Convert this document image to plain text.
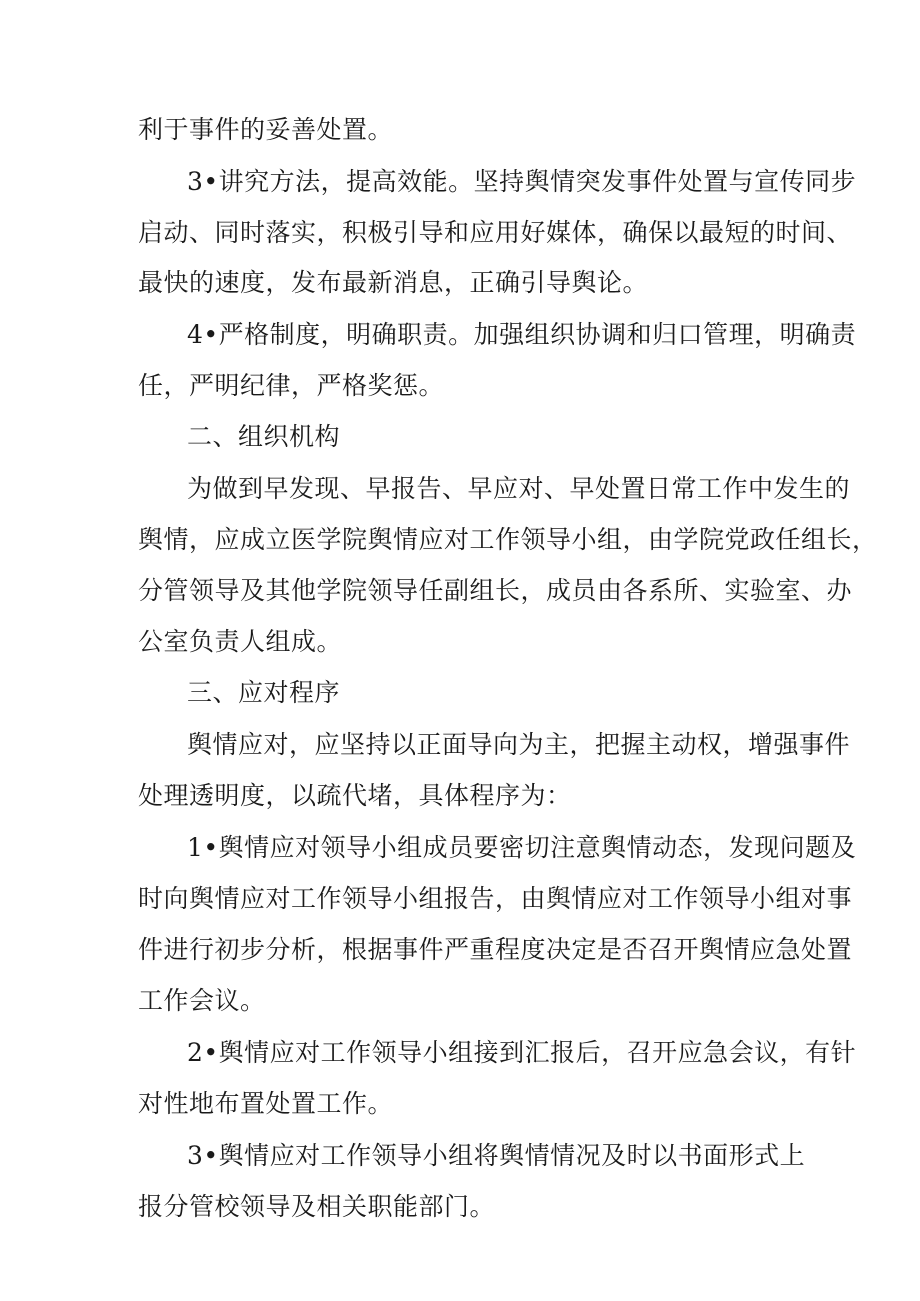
利于事件的妥善处置。
3•讲究方法，提高效能。坚持舆情突发事件处置与宣传同步
启动、同时落实，积极引导和应用好媒体，确保以最短的时间、
最快的速度，发布最新消息，正确引导舆论。
4•严格制度，明确职责。加强组织协调和归口管理，明确责
任，严明纪律，严格奖惩。
二、组织机构
为做到早发现、早报告、早应对、早处置日常工作中发生的
舆情，应成立医学院舆情应对工作领导小组，由学院党政任组长，
分管领导及其他学院领导任副组长，成员由各系所、实验室、办
公室负责人组成。
三、应对程序
舆情应对，应坚持以正面导向为主，把握主动权，增强事件
处理透明度，以疏代堵，具体程序为：
1•舆情应对领导小组成员要密切注意舆情动态，发现问题及
时向舆情应对工作领导小组报告，由舆情应对工作领导小组对事
件进行初步分析，根据事件严重程度决定是否召开舆情应急处置
工作会议。
2•舆情应对工作领导小组接到汇报后，召开应急会议，有针
对性地布置处置工作。
3•舆情应对工作领导小组将舆情情况及时以书面形式上
报分管校领导及相关职能部门。
